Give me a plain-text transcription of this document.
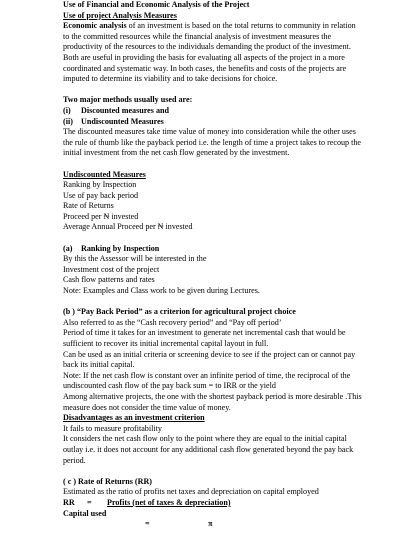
Use of Financial and Economic Analysis of the Project
Use of project Analysis Measures
Economic analysis of an investment is based on the total returns to community in relation
to the committed resources while the financial analysis of investment measures the
productivity of the resources to the individuals demanding the product of the investment.
Both are useful in providing the basis for evaluating all aspects of the project in a more
coordinated and systematic way. In both cases, the benefits and costs of the projects are
imputed to determine its viability and to take decisions for choice.
Two major methods usually used are:
(i) Discounted measures and
(ii) Undiscounted Measures
The discounted measures take time value of money into consideration while the other uses
the rule of thumb like the payback period i.e. the length of time a project takes to recoup the
initial investment from the net cash flow generated by the investment.
Undiscounted Measures
Ranking by Inspection
Use of pay back period
Rate of Returns
Proceed per ₦ invested
Average Annual Proceed per ₦ invested
(a) Ranking by Inspection
By this the Assessor will be interested in the
Investment cost of the project
Cash flow patterns and rates
Note: Examples and Class work to be given during Lectures.
(b ) “Pay Back Period” as a criterion for agricultural project choice
Also referred to as the “Cash recovery period” and “Pay off period’
Period of time it takes for an investment to generate net incremental cash that would be
sufficient to recover its initial incremental capital layout in full.
Can be used as an initial criteria or screening device to see if the project can or cannot pay
back its initial capital.
Note: If the net cash flow is constant over an infinite period of time, the reciprocal of the
undiscounted cash flow of the pay back sum = to IRR or the yield
Among alternative projects, the one with the shortest payback period is more desirable .This
measure does not consider the time value of money.
Disadvantages as an investment criterion
It fails to measure profitability
It considers the net cash flow only to the point where they are equal to the initial capital
outlay i.e. it does not account for any additional cash flow generated beyond the pay back
period.
( c ) Rate of Returns (RR)
Estimated as the ratio of profits net taxes and depreciation on capital employed
RR	=	Profits (net of taxes & depreciation)
Capital used
=	π
